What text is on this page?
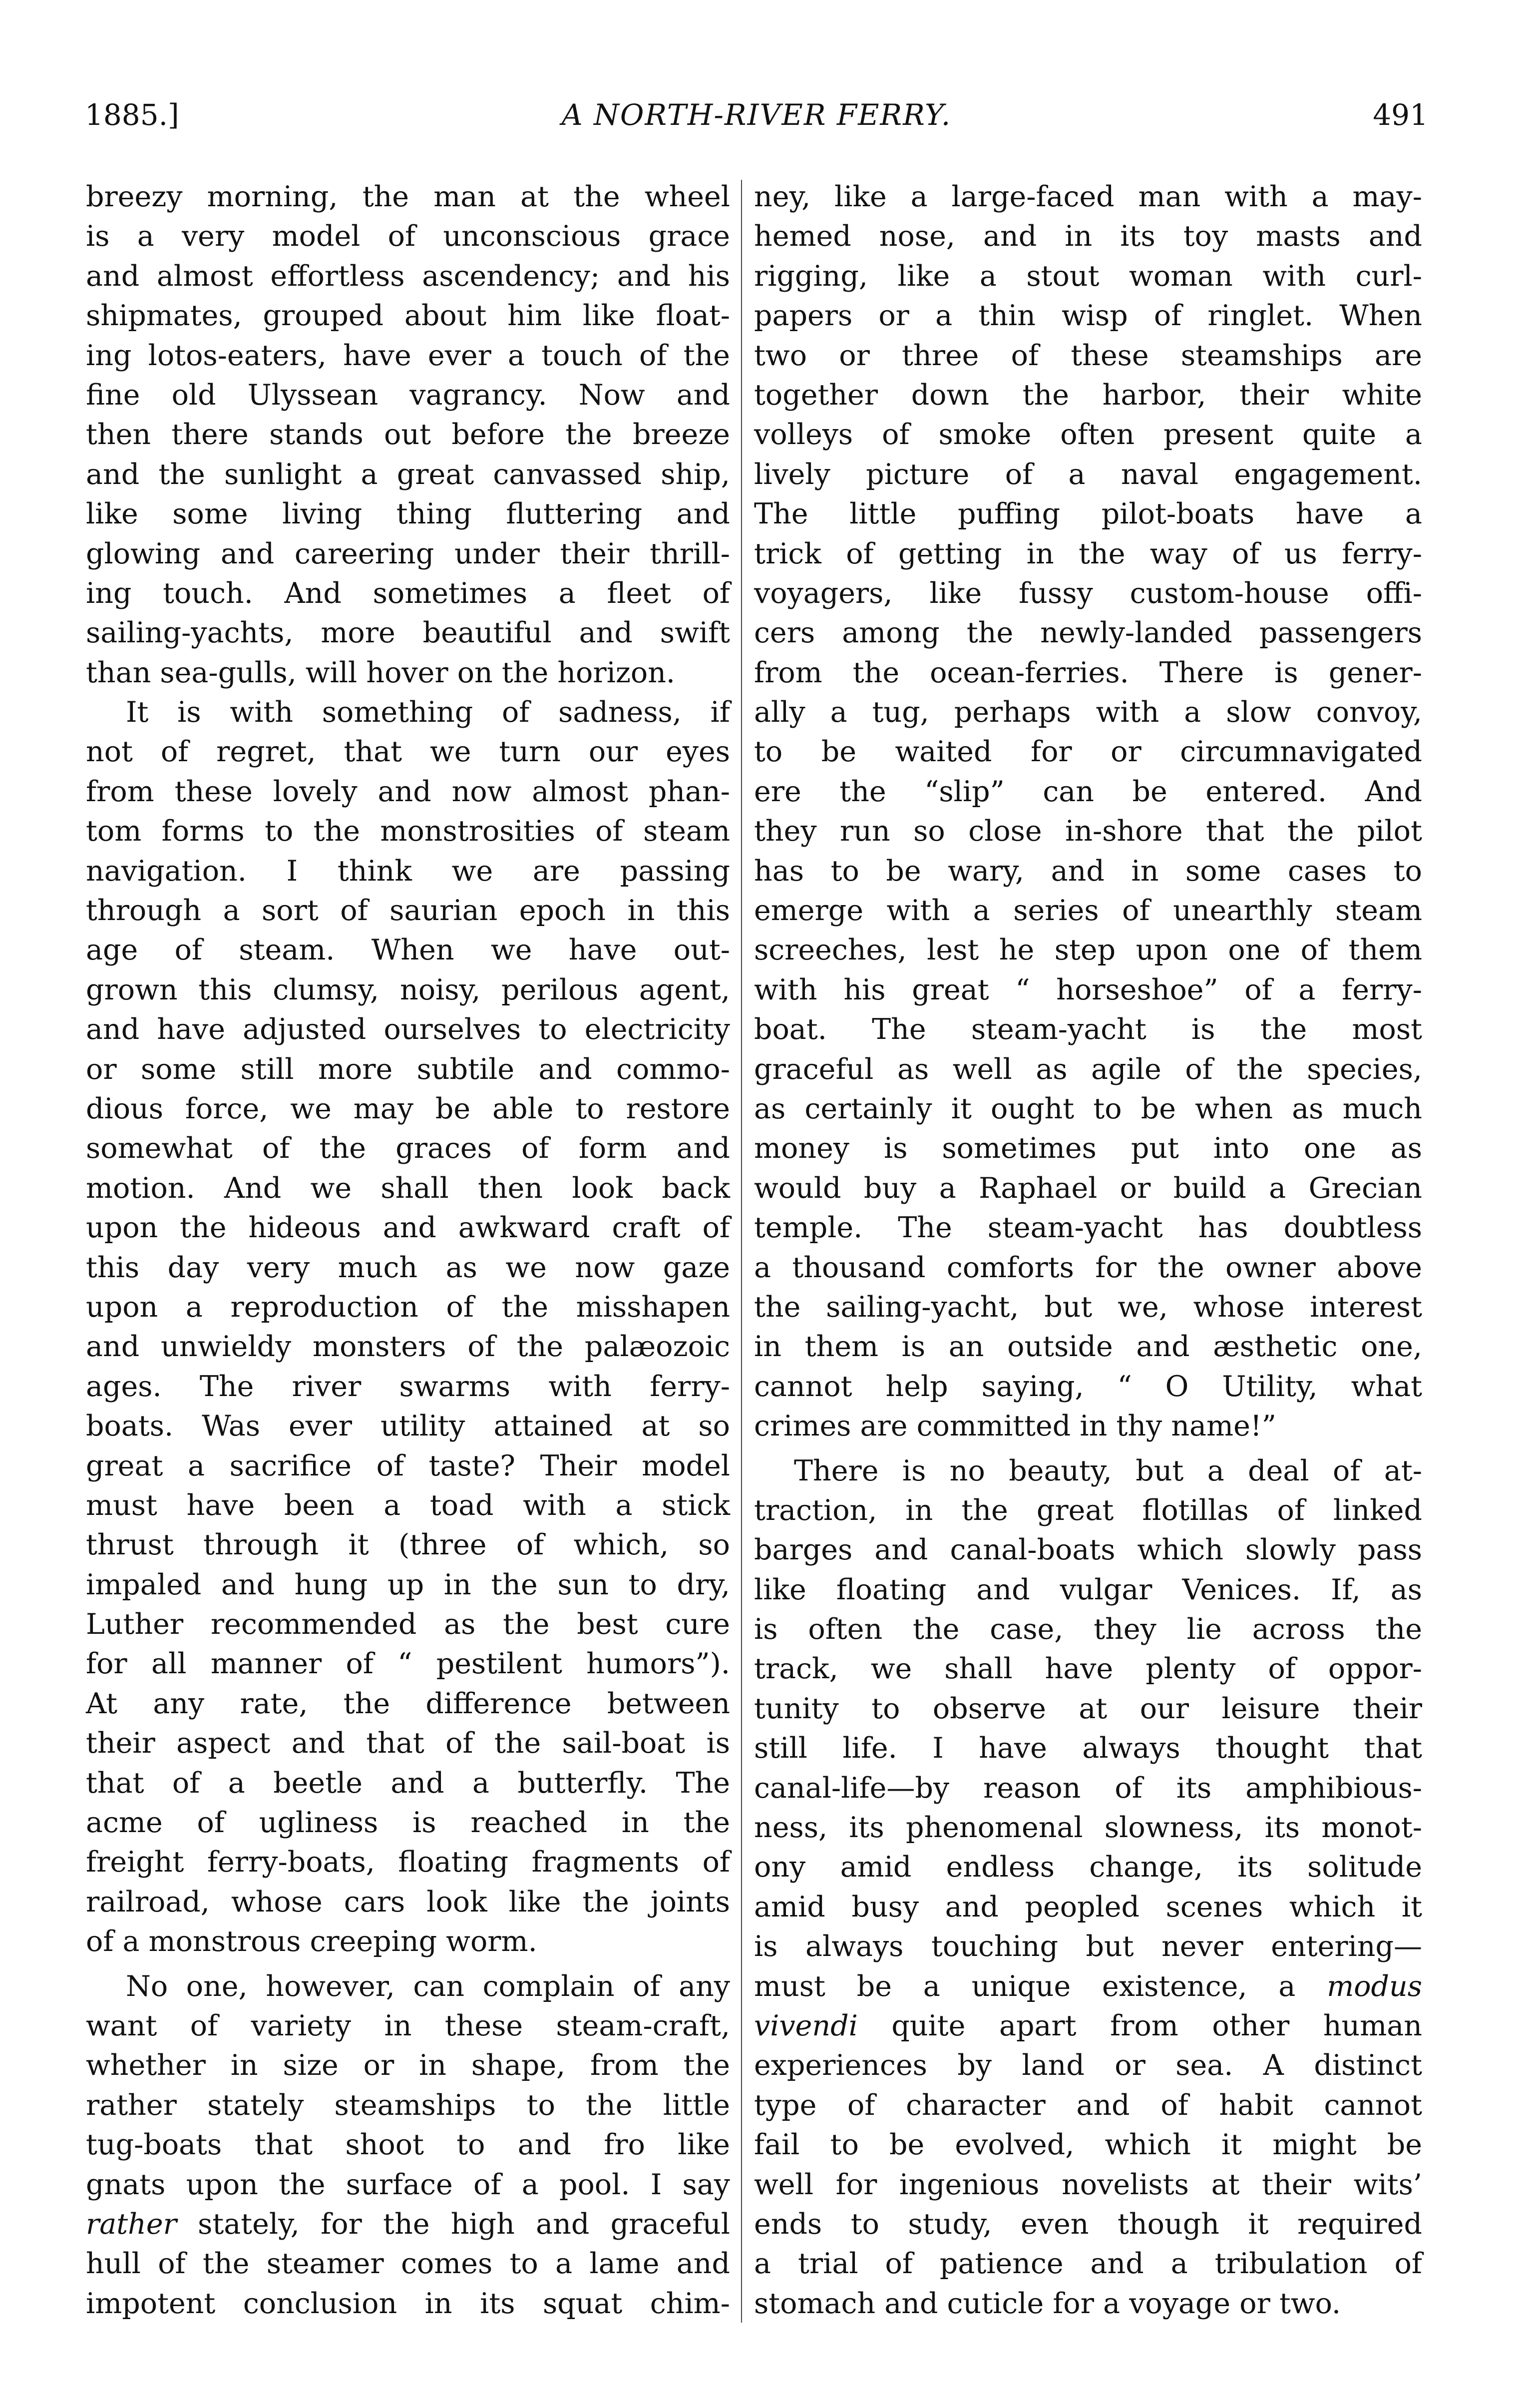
1885.]	A NORTH-RIVER FERRY.	491
breezy morning, the man at the wheel
is a very model of unconscious grace
and almost effortless ascendency; and his
shipmates, grouped about him like float-
ing lotos-eaters, have ever a touch of the
fine old Ulyssean vagrancy. Now and
then there stands out before the breeze
and the sunlight a great canvassed ship,
like some living thing fluttering and
glowing and careering under their thrill-
ing touch. And sometimes a fleet of
sailing-yachts, more beautiful and swift
than sea-gulls, will hover on the horizon.
It is with something of sadness, if
not of regret, that we turn our eyes
from these lovely and now almost phan-
tom forms to the monstrosities of steam
navigation. I think we are passing
through a sort of saurian epoch in this
age of steam. When we have out-
grown this clumsy, noisy, perilous agent,
and have adjusted ourselves to electricity
or some still more subtile and commo-
dious force, we may be able to restore
somewhat of the graces of form and
motion. And we shall then look back
upon the hideous and awkward craft of
this day very much as we now gaze
upon a reproduction of the misshapen
and unwieldy monsters of the palæozoic
ages. The river swarms with ferry-
boats. Was ever utility attained at so
great a sacrifice of taste? Their model
must have been a toad with a stick
thrust through it (three of which, so
impaled and hung up in the sun to dry,
Luther recommended as the best cure
for all manner of “ pestilent humors”).
At any rate, the difference between
their aspect and that of the sail-boat is
that of a beetle and a butterfly. The
acme of ugliness is reached in the
freight ferry-boats, floating fragments of
railroad, whose cars look like the joints
of a monstrous creeping worm.
No one, however, can complain of any
want of variety in these steam-craft,
whether in size or in shape, from the
rather stately steamships to the little
tug-boats that shoot to and fro like
gnats upon the surface of a pool. I say
rather stately, for the high and graceful
hull of the steamer comes to a lame and
impotent conclusion in its squat chim-
ney, like a large-faced man with a may-
hemed nose, and in its toy masts and
rigging, like a stout woman with curl-
papers or a thin wisp of ringlet. When
two or three of these steamships are
together down the harbor, their white
volleys of smoke often present quite a
lively picture of a naval engagement.
The little puffing pilot-boats have a
trick of getting in the way of us ferry-
voyagers, like fussy custom-house offi-
cers among the newly-landed passengers
from the ocean-ferries. There is gener-
ally a tug, perhaps with a slow convoy,
to be waited for or circumnavigated
ere the “slip” can be entered. And
they run so close in-shore that the pilot
has to be wary, and in some cases to
emerge with a series of unearthly steam
screeches, lest he step upon one of them
with his great “ horseshoe” of a ferry-
boat. The steam-yacht is the most
graceful as well as agile of the species,
as certainly it ought to be when as much
money is sometimes put into one as
would buy a Raphael or build a Grecian
temple. The steam-yacht has doubtless
a thousand comforts for the owner above
the sailing-yacht, but we, whose interest
in them is an outside and æsthetic one,
cannot help saying, “ O Utility, what
crimes are committed in thy name!”
There is no beauty, but a deal of at-
traction, in the great flotillas of linked
barges and canal-boats which slowly pass
like floating and vulgar Venices. If, as
is often the case, they lie across the
track, we shall have plenty of oppor-
tunity to observe at our leisure their
still life. I have always thought that
canal-life—by reason of its amphibious-
ness, its phenomenal slowness, its monot-
ony amid endless change, its solitude
amid busy and peopled scenes which it
is always touching but never entering—
must be a unique existence, a modus
vivendi quite apart from other human
experiences by land or sea. A distinct
type of character and of habit cannot
fail to be evolved, which it might be
well for ingenious novelists at their wits’
ends to study, even though it required
a trial of patience and a tribulation of
stomach and cuticle for a voyage or two.
